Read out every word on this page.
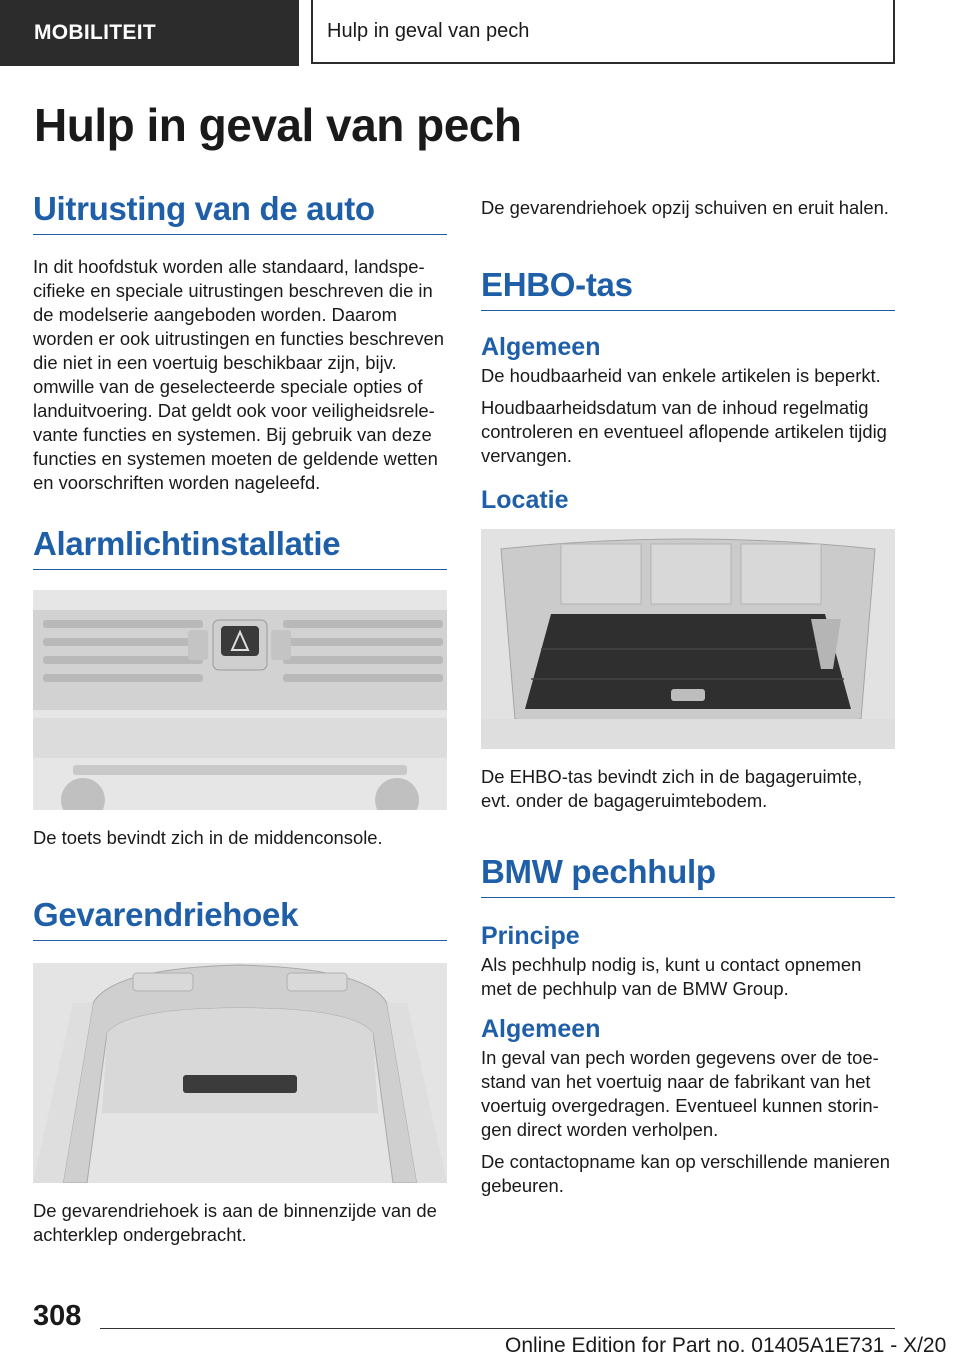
MOBILITEIT	Hulp in geval van pech
Hulp in geval van pech
Uitrusting van de auto

In dit hoofdstuk worden alle standaard, landspecifieke en speciale uitrustingen beschreven die in de modelserie aangeboden worden. Daarom worden er ook uitrustingen en functies beschreven die niet in een voertuig beschikbaar zijn, bijv. omwille van de geselecteerde speciale opties of landuitvoering. Dat geldt ook voor veiligheidsrelevante functies en systemen. Bij gebruik van deze functies en systemen moeten de geldende wetten en voorschriften worden nageleefd.

Alarmlichtinstallatie

De toets bevindt zich in de middenconsole.

Gevarendriehoek

De gevarendriehoek is aan de binnenzijde van de achterklep ondergebracht.

De gevarendriehoek opzij schuiven en eruit halen.

EHBO-tas
Algemeen

De houdbaarheid van enkele artikelen is beperkt.

Houdbaarheidsdatum van de inhoud regelmatig controleren en eventueel aflopende artikelen tijdig vervangen.

Locatie

De EHBO-tas bevindt zich in de bagageruimte, evt. onder de bagageruimtebodem.

BMW pechhulp
Principe

Als pechhulp nodig is, kunt u contact opnemen met de pechhulp van de BMW Group.

Algemeen

In geval van pech worden gegevens over de toestand van het voertuig naar de fabrikant van het voertuig overgedragen. Eventueel kunnen storingen direct worden verholpen.

De contactopname kan op verschillende manieren gebeuren.

308
Online Edition for Part no. 01405A1E731 - X/20
